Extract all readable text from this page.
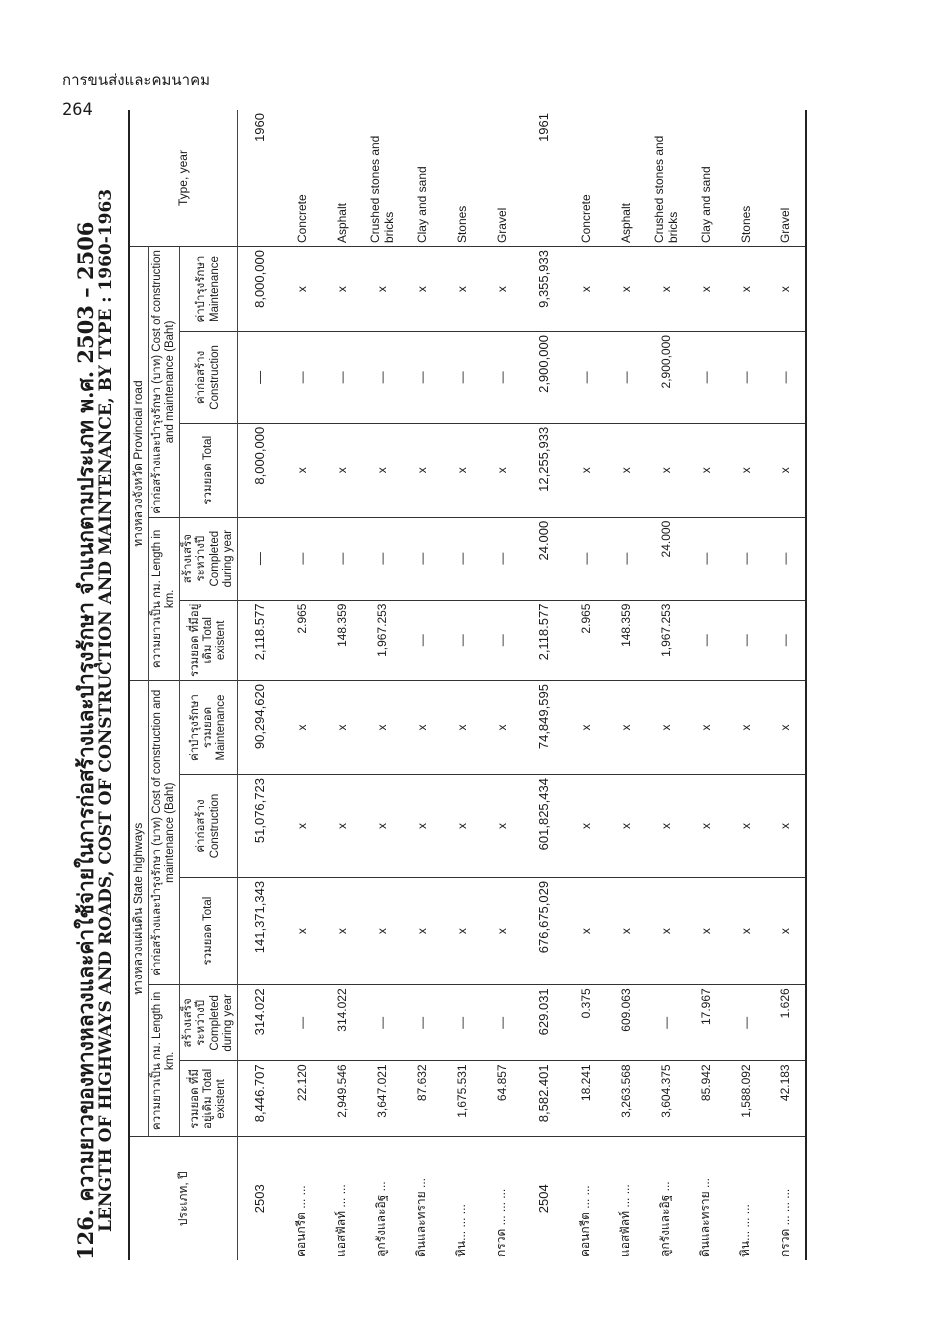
การขนส่งและคมนาคม
264
126. ความยาวของทางหลวงและค่าใช้จ่ายในการก่อสร้างและบำรุงรักษา จำแนกตามประเภท พ.ศ. 2503 – 2506
LENGTH OF HIGHWAYS AND ROADS, COST OF CONSTRUCTION AND MAINTENANCE, BY TYPE : 1960-1963	ประเภท, ปี	ทางหลวงแผ่นดิน State highways					ทางหลวงจังหวัด Provincial road					Type, year
	ความยาวเป็น กม. Length in km.		ค่าก่อสร้างและบำรุงรักษา (บาท) Cost of construction and maintenance (Baht)			ความยาวเป็น กม. Length in km.		ค่าก่อสร้างและบำรุงรักษา (บาท) Cost of construction and maintenance (Baht)			
	รวมยอด ที่มีอยู่เดิม Total existent	สร้างเสร็จ ระหว่างปี Completed during year	รวมยอด Total	ค่าก่อสร้าง Construction	ค่าบำรุงรักษา รวมยอด Maintenance	รวมยอด ที่มีอยู่เดิม Total existent	สร้างเสร็จ ระหว่างปี Completed during year	รวมยอด Total	ค่าก่อสร้าง Construction	ค่าบำรุงรักษา Maintenance	
2503	8,446.707	314.022	141,371,343	51,076,723	90,294,620	2,118.577	—	8,000,000	—	8,000,000	1960
คอนกรีต ... ...	22.120	—	x	x	x	2.965	—	x	—	x	Concrete
แอสฟัลท์ ... ...	2,949.546	314.022	x	x	x	148.359	—	x	—	x	Asphalt
ลูกรังและอิฐ ...	3,647.021	—	x	x	x	1,967.253	—	x	—	x	Crushed stones and bricks
ดินและทราย ...	87.632	—	x	x	x	—	—	x	—	x	Clay and sand
หิน... ... ...	1,675.531	—	x	x	x	—	—	x	—	x	Stones
กรวด ... ... ...	64.857	—	x	x	x	—	—	x	—	x	Gravel
2504	8,582.401	629.031	676,675,029	601,825,434	74,849,595	2,118.577	24.000	12,255,933	2,900,000	9,355,933	1961
คอนกรีต ... ...	18.241	0.375	x	x	x	2.965	—	x	—	x	Concrete
แอสฟัลท์ ... ...	3,263.568	609.063	x	x	x	148.359	—	x	—	x	Asphalt
ลูกรังและอิฐ ...	3,604.375	—	x	x	x	1,967.253	24.000	x	2,900,000	x	Crushed stones and bricks
ดินและทราย ...	85.942	17.967	x	x	x	—	—	x	—	x	Clay and sand
หิน... ... ...	1,588.092	—	x	x	x	—	—	x	—	x	Stones
กรวด ... ... ...	42.183	1.626	x	x	x	—	—	x	—	x	Gravel
